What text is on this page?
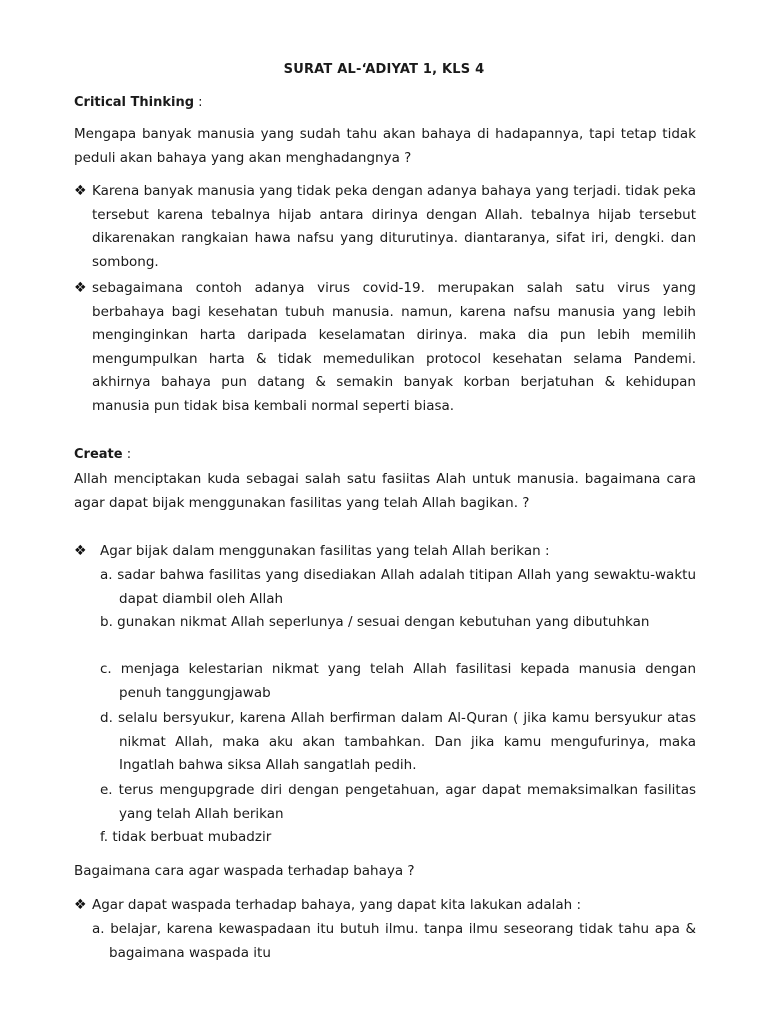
SURAT AL-‘ADIYAT 1, KLS 4
Critical Thinking :
Mengapa banyak manusia yang sudah tahu akan bahaya di hadapannya, tapi tetap tidak peduli akan bahaya yang akan menghadangnya ?
❖ Karena banyak manusia yang tidak peka dengan adanya bahaya yang terjadi. tidak peka tersebut karena tebalnya hijab antara dirinya dengan Allah. tebalnya hijab tersebut dikarenakan rangkaian hawa nafsu yang diturutinya. diantaranya, sifat iri, dengki. dan sombong.
❖ sebagaimana contoh adanya virus covid-19. merupakan salah satu virus yang berbahaya bagi kesehatan tubuh manusia. namun, karena nafsu manusia yang lebih menginginkan harta daripada keselamatan dirinya. maka dia pun lebih memilih mengumpulkan harta & tidak memedulikan protocol kesehatan selama Pandemi. akhirnya bahaya pun datang & semakin banyak korban berjatuhan & kehidupan manusia pun tidak bisa kembali normal seperti biasa.
Create :
Allah menciptakan kuda sebagai salah satu fasiitas Alah untuk manusia. bagaimana cara agar dapat bijak menggunakan fasilitas yang telah Allah bagikan. ?
❖ Agar bijak dalam menggunakan fasilitas yang telah Allah berikan :
a. sadar bahwa fasilitas yang disediakan Allah adalah titipan Allah yang sewaktu-waktu dapat diambil oleh Allah
b. gunakan nikmat Allah seperlunya / sesuai dengan kebutuhan yang dibutuhkan
c. menjaga kelestarian nikmat yang telah Allah fasilitasi kepada manusia dengan penuh tanggungjawab
d. selalu bersyukur, karena Allah berfirman dalam Al-Quran ( jika kamu bersyukur atas nikmat Allah, maka aku akan tambahkan. Dan jika kamu mengufurinya, maka Ingatlah bahwa siksa Allah sangatlah pedih.
e. terus mengupgrade diri dengan pengetahuan, agar dapat memaksimalkan fasilitas yang telah Allah berikan
f. tidak berbuat mubadzir
Bagaimana cara agar waspada terhadap bahaya ?
❖ Agar dapat waspada terhadap bahaya, yang dapat kita lakukan adalah :
a. belajar, karena kewaspadaan itu butuh ilmu. tanpa ilmu seseorang tidak tahu apa & bagaimana waspada itu
